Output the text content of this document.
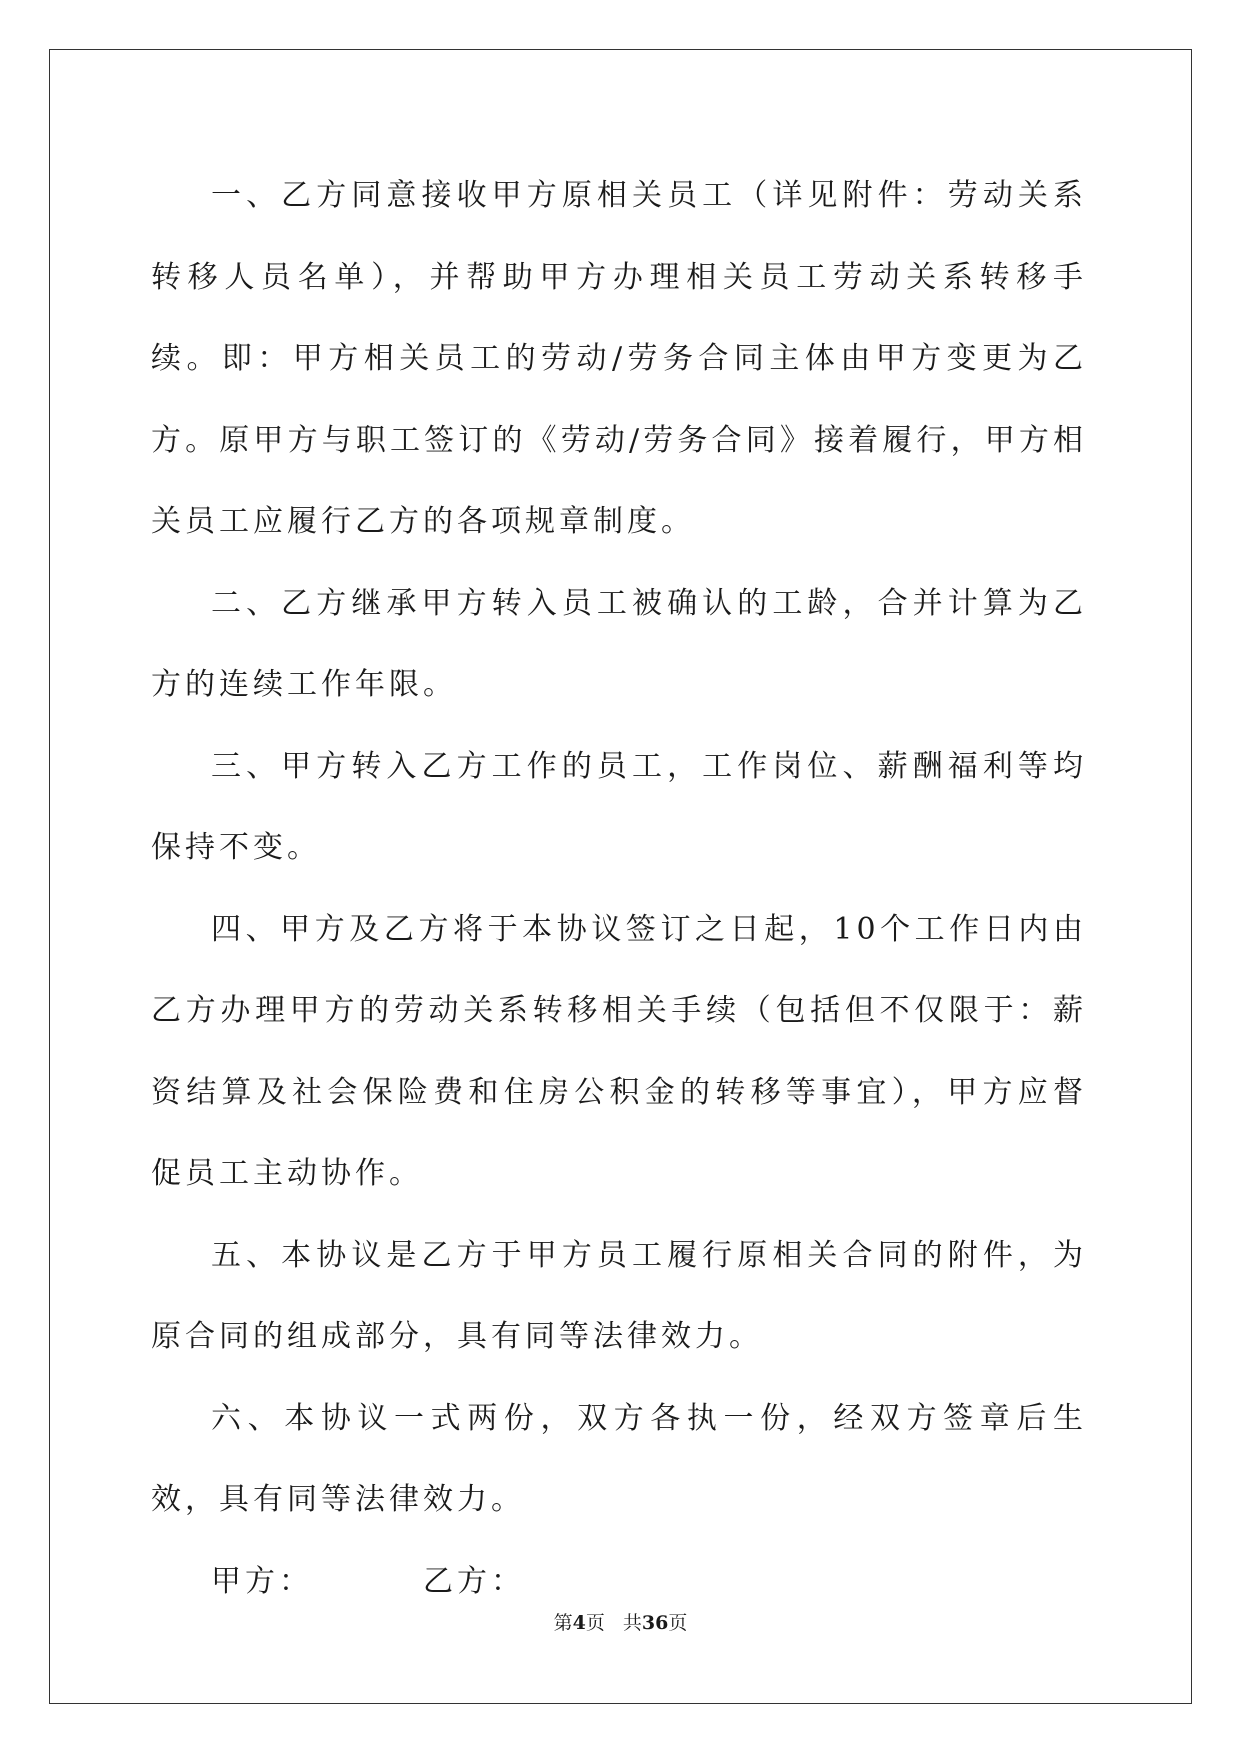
一、乙方同意接收甲方原相关员工（详见附件：劳动关系转移人员名单），并帮助甲方办理相关员工劳动关系转移手续。即：甲方相关员工的劳动/劳务合同主体由甲方变更为乙方。原甲方与职工签订的《劳动/劳务合同》接着履行，甲方相关员工应履行乙方的各项规章制度。

二、乙方继承甲方转入员工被确认的工龄，合并计算为乙方的连续工作年限。

三、甲方转入乙方工作的员工，工作岗位、薪酬福利等均保持不变。

四、甲方及乙方将于本协议签订之日起，10个工作日内由乙方办理甲方的劳动关系转移相关手续（包括但不仅限于：薪资结算及社会保险费和住房公积金的转移等事宜），甲方应督促员工主动协作。

五、本协议是乙方于甲方员工履行原相关合同的附件，为原合同的组成部分，具有同等法律效力。

六、本协议一式两份，双方各执一份，经双方签章后生效，具有同等法律效力。

甲方：	乙方：

第4页 共36页
